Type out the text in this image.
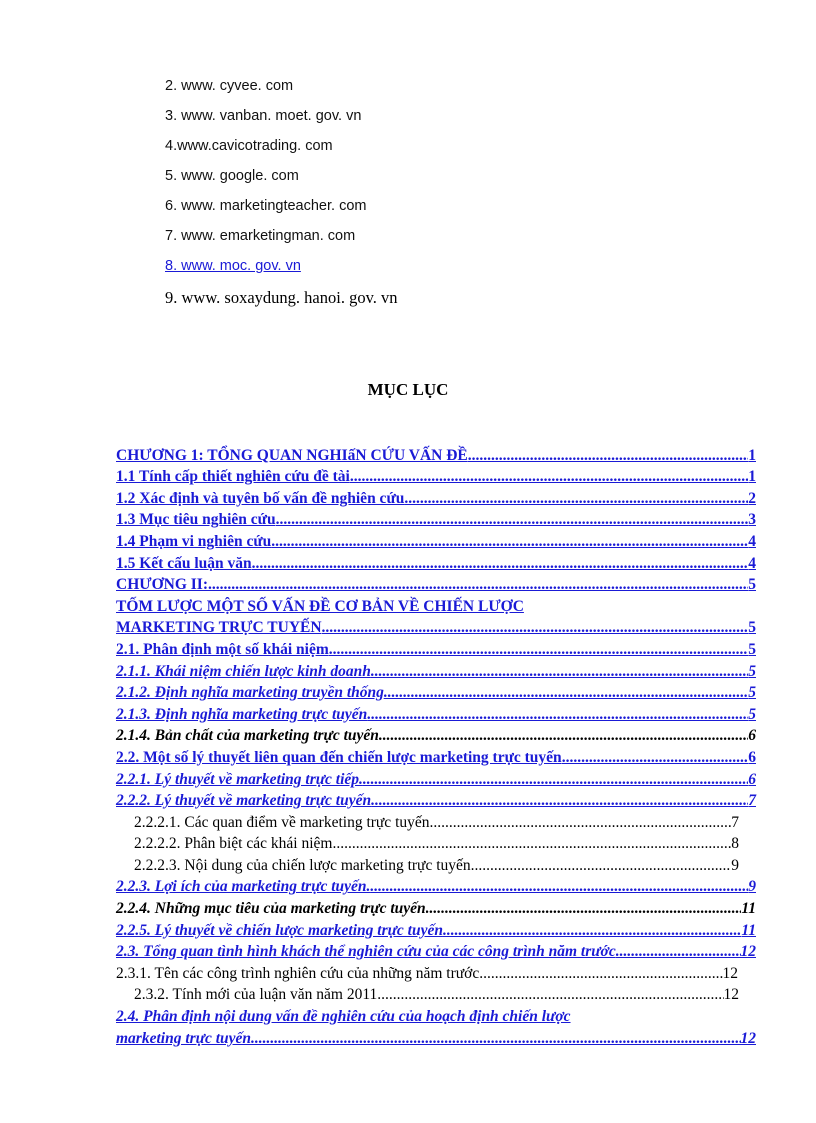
2. www. cyvee. com
3. www. vanban. moet. gov. vn
4.www.cavicotrading. com
5. www. google. com
6. www. marketingteacher. com
7. www. emarketingman. com
8. www. moc. gov. vn
9. www. soxaydung. hanoi. gov. vn
MỤC LỤC
CHƯƠNG 1: TỔNG QUAN NGHIấN CỨU VẤN ĐỀ .....	1
1.1 Tính cấp thiết nghiên cứu đề tài .....	1
1.2 Xác định và tuyên bố vấn đề nghiên cứu .....	2
1.3 Mục tiêu nghiên cứu .....	3
1.4 Phạm vi nghiên cứu .....	4
1.5 Kết cấu luận văn .....	4
CHƯƠNG II: .....	5
TỐM LƯỢC MỘT SỐ VẤN ĐỀ CƠ BẢN VỀ CHIẾN LƯỢC
MARKETING TRỰC TUYẾN .....	5
2.1. Phân định một số khái niệm .....	5
2.1.1. Khái niệm chiến lược kinh doanh .....	5
2.1.2. Định nghĩa marketing truyền thống .....	5
2.1.3. Định nghĩa marketing trực tuyến .....	5
2.1.4. Bản chất của marketing trực tuyến .....	6
2.2. Một số lý thuyết liên quan đến chiến lược marketing trực tuyến .....	6
2.2.1. Lý thuyết về marketing trực tiếp. .....	6
2.2.2. Lý thuyết về marketing trực tuyến .....	7
2.2.2.1. Các quan điểm về marketing trực tuyến .....	7
2.2.2.2. Phân biệt các khái niệm .....	8
2.2.2.3. Nội dung của chiến lược marketing trực tuyến. .....	9
2.2.3. Lợi ích của marketing trực tuyến. .....	9
2.2.4. Những mục tiêu của marketing trực tuyến .....	11
2.2.5. Lý thuyết về chiến lược marketing trực tuyến .....	11
2.3. Tổng quan tình hình khách thể nghiên cứu của các công trình năm trước .....	12
2.3.1. Tên các công trình nghiên cứu của những năm trước .....	12
2.3.2. Tính mới của luận văn năm 2011 .....	12
2.4. Phân định nội dung vấn đề nghiên cứu của hoạch định chiến lược
marketing trực tuyến .....	12
